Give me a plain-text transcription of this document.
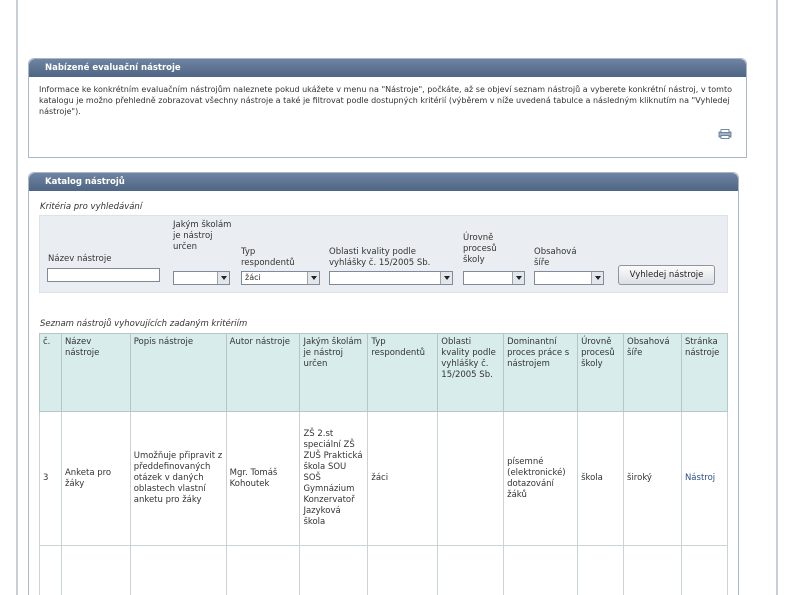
Nabízené evaluační nástroje
Informace ke konkrétním evaluačním nástrojům naleznete pokud ukážete v menu na "Nástroje", počkáte, až se objeví seznam nástrojů a vyberete konkrétní nástroj, v tomto katalogu je možno přehledně zobrazovat všechny nástroje a také je filtrovat podle dostupných kritérií (výběrem v níže uvedená tabulce a následným kliknutím na "Vyhledej nástroje").
Katalog nástrojů
Kritéria pro vyhledávání
Název nástroje
Jakým školám je nástroj určen	Typ respondentů
žáci
Oblasti kvality podle vyhlášky č. 15/2005 Sb.
Úrovně procesů školy
Obsahová šíře
Vyhledej nástroje
Seznam nástrojů vyhovujících zadaným kritériím
č.	Název nástroje	Popis nástroje	Autor nástroje	Jakým školám je nástroj určen	Typ respondentů	Oblasti kvality podle vyhlášky č. 15/2005 Sb.	Dominantní proces práce s nástrojem	Úrovně procesů školy	Obsahová šíře	Stránka nástroje
3	Anketa pro žáky	Umožňuje připravit z předdefinovaných otázek v daných oblastech vlastní anketu pro žáky	Mgr. Tomáš Kohoutek	ZŠ 2.st speciální ZŠ ZUŠ Praktická škola SOU SOŠ Gymnázium Konzervatoř Jazyková škola	žáci		písemné (elektronické) dotazování žáků	škola	široký	Nástroj
